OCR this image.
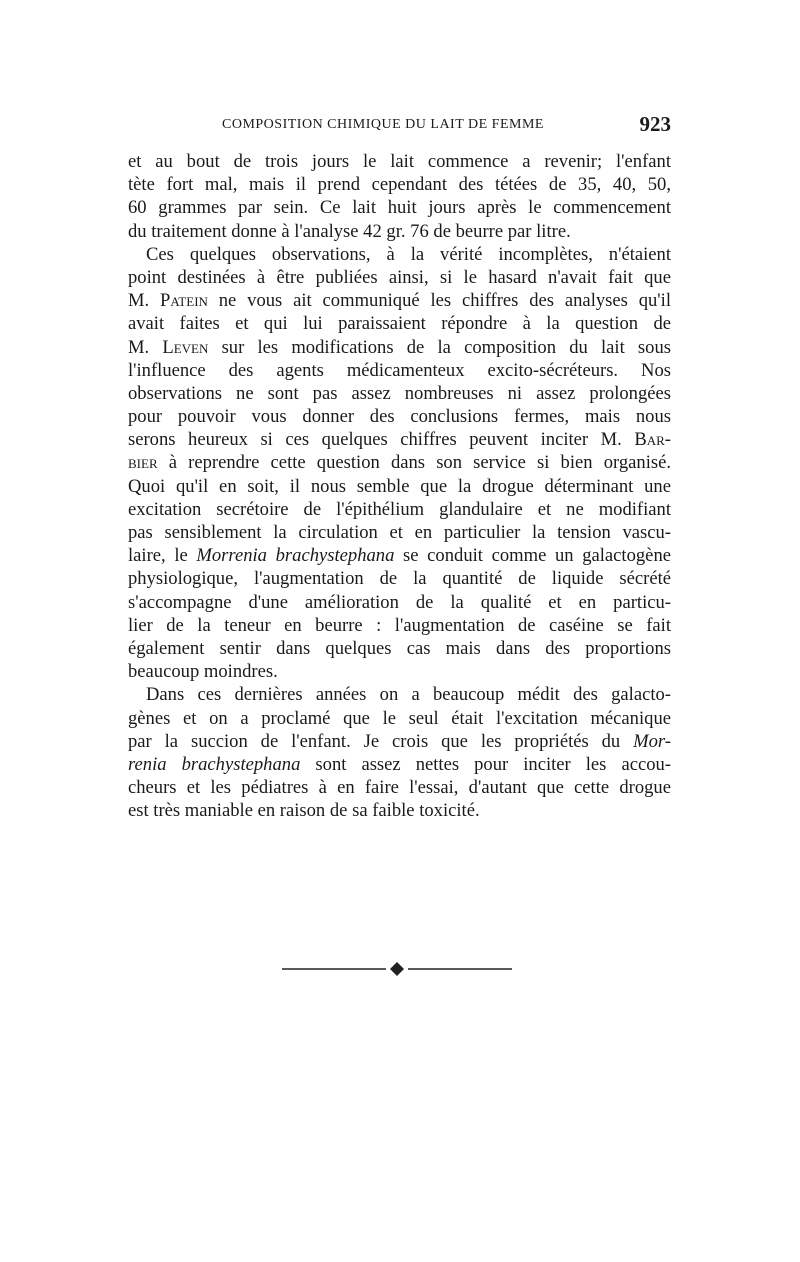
COMPOSITION CHIMIQUE DU LAIT DE FEMME	923
et au bout de trois jours le lait commence a revenir; l'enfant
tète fort mal, mais il prend cependant des tétées de 35, 40, 50,
60 grammes par sein. Ce lait huit jours après le commencement
du traitement donne à l'analyse 42 gr. 76 de beurre par litre.
Ces quelques observations, à la vérité incomplètes, n'étaient
point destinées à être publiées ainsi, si le hasard n'avait fait que
M. Patein ne vous ait communiqué les chiffres des analyses qu'il
avait faites et qui lui paraissaient répondre à la question de
M. Leven sur les modifications de la composition du lait sous
l'influence des agents médicamenteux excito-sécréteurs. Nos
observations ne sont pas assez nombreuses ni assez prolongées
pour pouvoir vous donner des conclusions fermes, mais nous
serons heureux si ces quelques chiffres peuvent inciter M. Bar-
bier à reprendre cette question dans son service si bien organisé.
Quoi qu'il en soit, il nous semble que la drogue déterminant une
excitation secrétoire de l'épithélium glandulaire et ne modifiant
pas sensiblement la circulation et en particulier la tension vascu-
laire, le Morrenia brachystephana se conduit comme un galactogène
physiologique, l'augmentation de la quantité de liquide sécrété
s'accompagne d'une amélioration de la qualité et en particu-
lier de la teneur en beurre : l'augmentation de caséine se fait
également sentir dans quelques cas mais dans des proportions
beaucoup moindres.
Dans ces dernières années on a beaucoup médit des galacto-
gènes et on a proclamé que le seul était l'excitation mécanique
par la succion de l'enfant. Je crois que les propriétés du Mor-
renia brachystephana sont assez nettes pour inciter les accou-
cheurs et les pédiatres à en faire l'essai, d'autant que cette drogue
est très maniable en raison de sa faible toxicité.
